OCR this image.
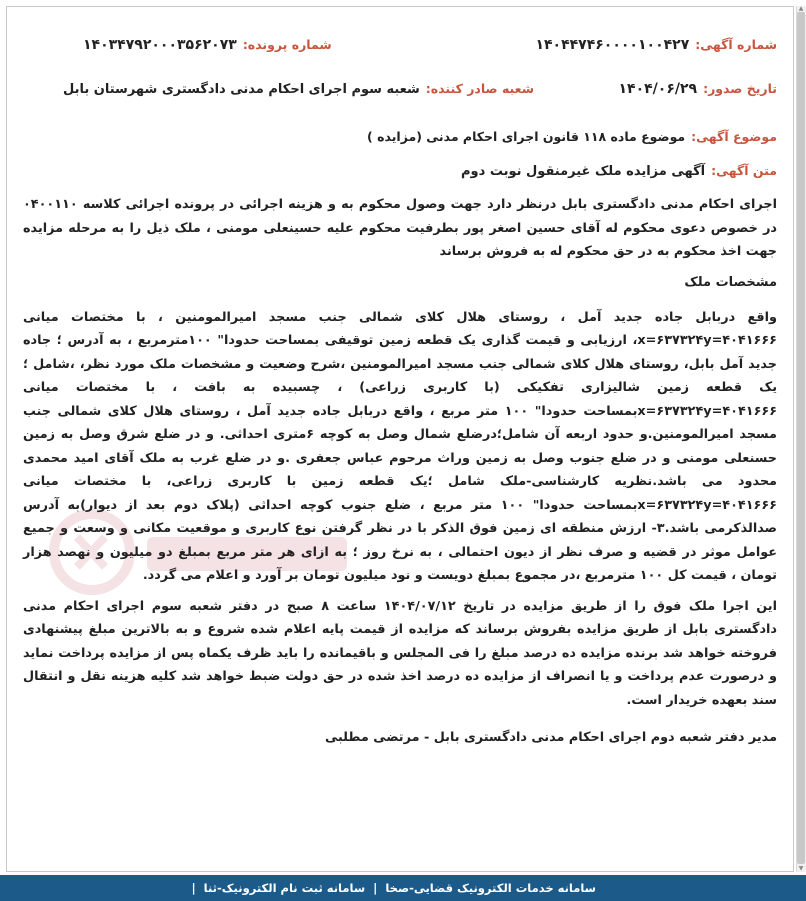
شماره آگهی:
۱۴۰۴۴۷۴۶۰۰۰۰۱۰۰۴۲۷
شماره پرونده:
۱۴۰۳۴۷۹۲۰۰۰۳۵۶۲۰۷۳
تاریخ صدور:
۱۴۰۴/۰۶/۲۹
شعبه صادر کننده:
شعبه سوم اجرای احکام مدنی دادگستری شهرستان بابل
موضوع آگهی:
موضوع ماده ۱۱۸ قانون اجرای احکام مدنی (مزایده )
متن آگهی:
آگهی مزایده ملک غیرمنقول نوبت دوم

اجرای احکام مدنی دادگستری بابل درنظر دارد جهت وصول محکوم به و هزینه اجرائی در پرونده اجرائی کلاسه ۰۴۰۰۱۱۰ در خصوص دعوی محکوم له آقای حسین اصغر پور بطرفیت محکوم علیه حسینعلی مومنی ، ملک ذیل را به مرحله مزایده جهت اخذ محکوم به در حق محکوم له به فروش برساند

مشخصات ملک

واقع دربابل جاده جدید آمل ، روستای هلال کلای شمالی جنب مسجد امیرالمومنین ، با مختصات میانی x=۶۳۷۳۲۴y=۴۰۴۱۶۶۶، ارزیابی و قیمت گذاری یک قطعه زمین توقیفی بمساحت حدودا" ۱۰۰مترمربع ، به آدرس ؛ جاده جدید آمل بابل، روستای هلال کلای شمالی جنب مسجد امیرالمومنین ،شرح وضعیت و مشخصات ملک مورد نظر، ،شامل ؛ یک قطعه زمین شالیزاری تفکیکی (با کاربری زراعی) ، چسبیده به بافت ، با مختصات میانی x=۶۳۷۳۲۴y=۴۰۴۱۶۶۶بمساحت حدودا" ۱۰۰ متر مربع ، واقع دربابل جاده جدید آمل ، روستای هلال کلای شمالی جنب مسجد امیرالمومنین.و حدود اربعه آن شامل؛درضلع شمال وصل به کوچه ۶متری احداثی. و در ضلع شرق وصل به زمین حسنعلی مومنی و در ضلع جنوب وصل به زمین وراث مرحوم عباس جعفری .و در ضلع غرب به ملک آقای امید محمدی محدود می باشد.نظریه کارشناسی-ملک شامل ؛یک قطعه زمین با کاربری زراعی، با مختصات میانی x=۶۳۷۳۲۴y=۴۰۴۱۶۶۶بمساحت حدودا" ۱۰۰ متر مربع ، ضلع جنوب کوچه احداثی (پلاک دوم بعد از دیوار)به آدرس صدالذکرمی باشد.۳- ارزش منطقه ای زمین فوق الذکر با در نظر گرفتن نوع کاربری و موقعیت مکانی و وسعت و جمیع عوامل موثر در قضیه و صرف نظر از دیون احتمالی ، به نرخ روز ؛ به ازای هر متر مربع بمبلغ دو میلیون و نهصد هزار تومان ، قیمت کل ۱۰۰ مترمربع ،در مجموع بمبلغ دویست و نود میلیون تومان بر آورد و اعلام می گردد.

این اجرا ملک فوق را از طریق مزایده در تاریخ ۱۴۰۴/۰۷/۱۲ ساعت ۸ صبح در دفتر شعبه سوم اجرای احکام مدنی دادگستری بابل از طریق مزایده بفروش برساند که مزایده از قیمت پایه اعلام شده شروع و به بالاترین مبلغ پیشنهادی فروخته خواهد شد برنده مزایده ده درصد مبلغ را فی المجلس و باقیمانده را باید ظرف یکماه پس از مزایده پرداخت نماید و درصورت عدم پرداخت و یا انصراف از مزایده ده درصد اخذ شده در حق دولت ضبط خواهد شد کلیه هزینه نقل و انتقال سند بعهده خریدار است.

مدیر دفتر شعبه دوم اجرای احکام مدنی دادگستری بابل - مرتضی مطلبی

▲
▼
سامانه خدمات الکترونیک قضایی-صخا
|
سامانه ثبت نام الکترونیک-ثنا
|
